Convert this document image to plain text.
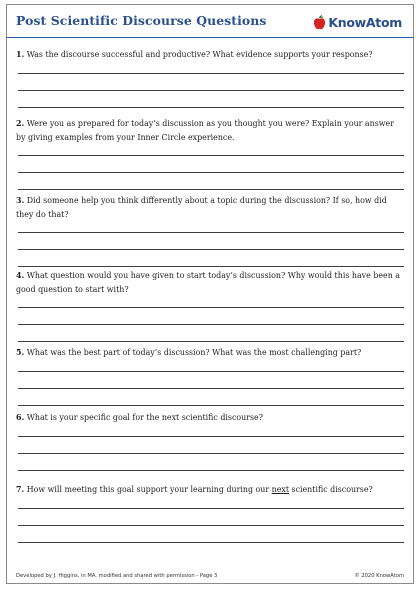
Post Scientific Discourse Questions	KnowAtom

1. Was the discourse successful and productive? What evidence supports your response?

2. Were you as prepared for today’s discussion as you thought you were? Explain your answer by giving examples from your Inner Circle experience.

3. Did someone help you think differently about a topic during the discussion? If so, how did they do that?

4. What question would you have given to start today’s discussion? Why would this have been a good question to start with?

5. What was the best part of today’s discussion? What was the most challenging part?

6. What is your specific goal for the next scientific discourse?

7. How will meeting this goal support your learning during our next scientific discourse?

Developed by J. Higgins, in MA. modified and shared with permission - Page 3	© 2020 KnowAtom
